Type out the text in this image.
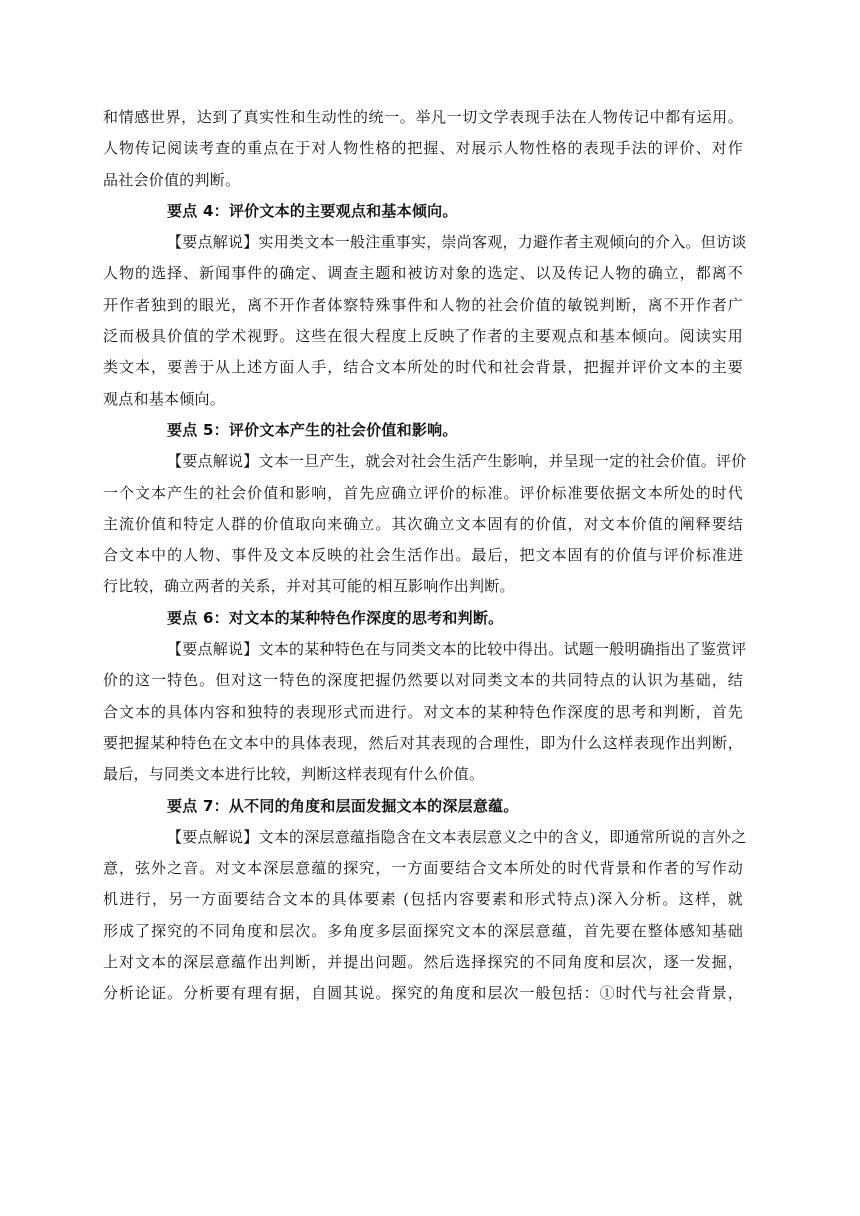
和情感世界，达到了真实性和生动性的统一。举凡一切文学表现手法在人物传记中都有运用。
人物传记阅读考查的重点在于对人物性格的把握、对展示人物性格的表现手法的评价、对作
品社会价值的判断。
要点 4：评价文本的主要观点和基本倾向。
【要点解说】实用类文本一般注重事实，崇尚客观，力避作者主观倾向的介入。但访谈
人物的选择、新闻事件的确定、调查主题和被访对象的选定、以及传记人物的确立，都离不
开作者独到的眼光，离不开作者体察特殊事件和人物的社会价值的敏锐判断，离不开作者广
泛而极具价值的学术视野。这些在很大程度上反映了作者的主要观点和基本倾向。阅读实用
类文本，要善于从上述方面人手，结合文本所处的时代和社会背景，把握并评价文本的主要
观点和基本倾向。
要点 5：评价文本产生的社会价值和影响。
【要点解说】文本一旦产生，就会对社会生活产生影响，并呈现一定的社会价值。评价
一个文本产生的社会价值和影响，首先应确立评价的标准。评价标准要依据文本所处的时代
主流价值和特定人群的价值取向来确立。其次确立文本固有的价值，对文本价值的阐释要结
合文本中的人物、事件及文本反映的社会生活作出。最后，把文本固有的价值与评价标准进
行比较，确立两者的关系，并对其可能的相互影响作出判断。
要点 6：对文本的某种特色作深度的思考和判断。
【要点解说】文本的某种特色在与同类文本的比较中得出。试题一般明确指出了鉴赏评
价的这一特色。但对这一特色的深度把握仍然要以对同类文本的共同特点的认识为基础，结
合文本的具体内容和独特的表现形式而进行。对文本的某种特色作深度的思考和判断，首先
要把握某种特色在文本中的具体表现，然后对其表现的合理性，即为什么这样表现作出判断，
最后，与同类文本进行比较，判断这样表现有什么价值。
要点 7：从不同的角度和层面发掘文本的深层意蕴。
【要点解说】文本的深层意蕴指隐含在文本表层意义之中的含义，即通常所说的言外之
意，弦外之音。对文本深层意蕴的探究，一方面要结合文本所处的时代背景和作者的写作动
机进行，另一方面要结合文本的具体要素 (包括内容要素和形式特点)深入分析。这样，就
形成了探究的不同角度和层次。多角度多层面探究文本的深层意蕴，首先要在整体感知基础
上对文本的深层意蕴作出判断，并提出问题。然后选择探究的不同角度和层次，逐一发掘，
分析论证。分析要有理有据，自圆其说。探究的角度和层次一般包括：①时代与社会背景，
